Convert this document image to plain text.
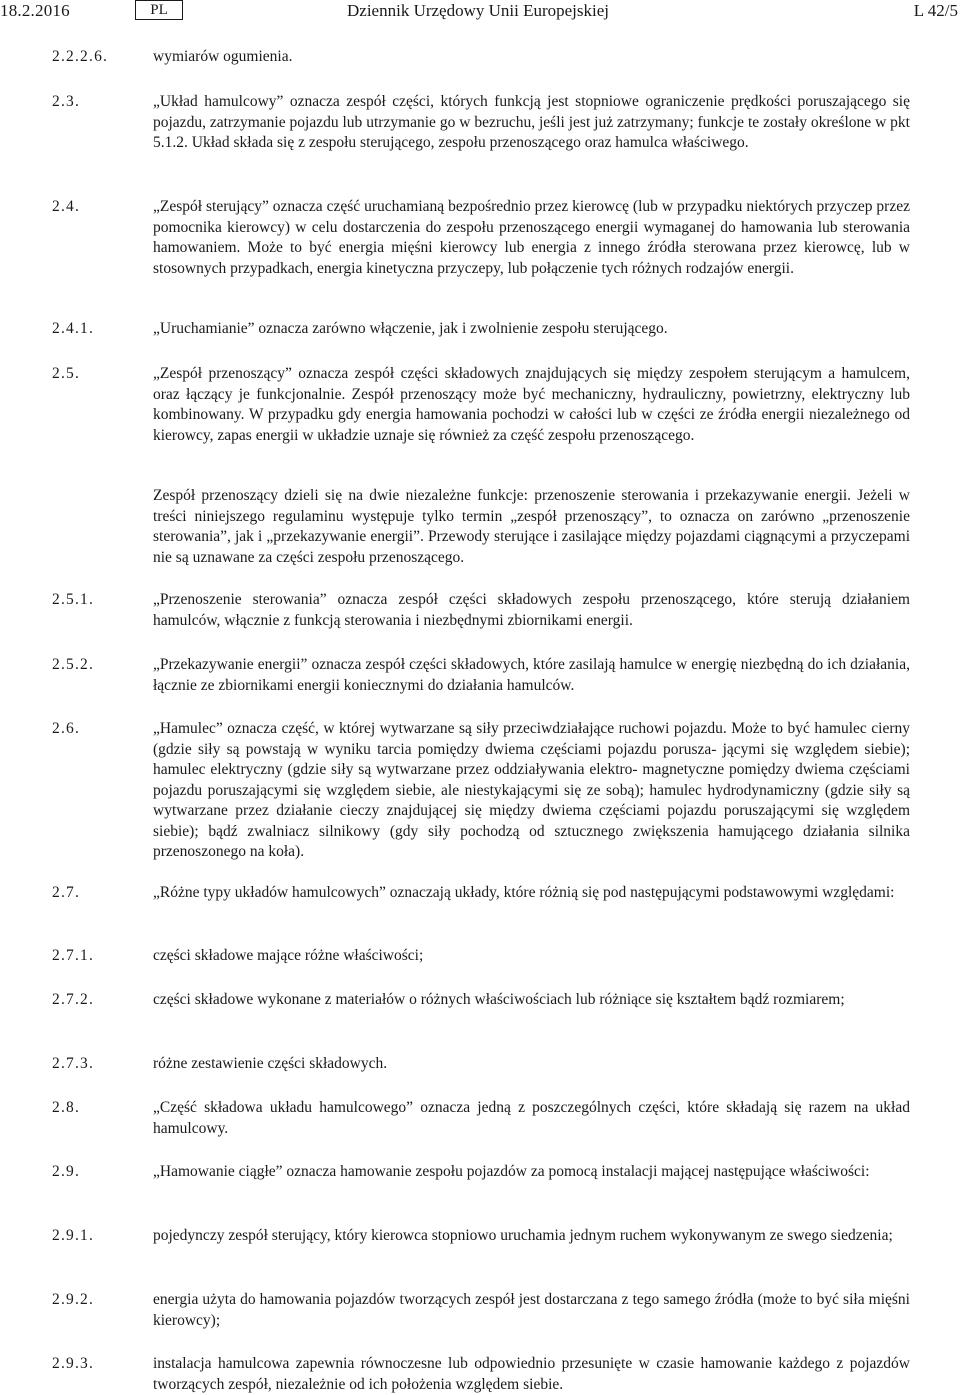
18.2.2016	PL	Dziennik Urzędowy Unii Europejskiej	L 42/5
2.2.2.6.	wymiarów ogumienia.
2.3.	„Układ hamulcowy” oznacza zespół części, których funkcją jest stopniowe ograniczenie prędkości poruszającego się pojazdu, zatrzymanie pojazdu lub utrzymanie go w bezruchu, jeśli jest już zatrzymany; funkcje te zostały określone w pkt 5.1.2. Układ składa się z zespołu sterującego, zespołu przenoszącego oraz hamulca właściwego.
2.4.	„Zespół sterujący” oznacza część uruchamianą bezpośrednio przez kierowcę (lub w przypadku niektórych przyczep przez pomocnika kierowcy) w celu dostarczenia do zespołu przenoszącego energii wymaganej do hamowania lub sterowania hamowaniem. Może to być energia mięśni kierowcy lub energia z innego źródła sterowana przez kierowcę, lub w stosownych przypadkach, energia kinetyczna przyczepy, lub połączenie tych różnych rodzajów energii.
2.4.1.	„Uruchamianie” oznacza zarówno włączenie, jak i zwolnienie zespołu sterującego.
2.5.	„Zespół przenoszący” oznacza zespół części składowych znajdujących się między zespołem sterującym a hamulcem, oraz łączący je funkcjonalnie. Zespół przenoszący może być mechaniczny, hydrauliczny, powietrzny, elektryczny lub kombinowany. W przypadku gdy energia hamowania pochodzi w całości lub w części ze źródła energii niezależnego od kierowcy, zapas energii w układzie uznaje się również za część zespołu przenoszącego.
Zespół przenoszący dzieli się na dwie niezależne funkcje: przenoszenie sterowania i przekazywanie energii. Jeżeli w treści niniejszego regulaminu występuje tylko termin „zespół przenoszący”, to oznacza on zarówno „przenoszenie sterowania”, jak i „przekazywanie energii”. Przewody sterujące i zasilające między pojazdami ciągnącymi a przyczepami nie są uznawane za części zespołu przenoszącego.
2.5.1.	„Przenoszenie sterowania” oznacza zespół części składowych zespołu przenoszącego, które sterują działaniem hamulców, włącznie z funkcją sterowania i niezbędnymi zbiornikami energii.
2.5.2.	„Przekazywanie energii” oznacza zespół części składowych, które zasilają hamulce w energię niezbędną do ich działania, łącznie ze zbiornikami energii koniecznymi do działania hamulców.
2.6.	„Hamulec” oznacza część, w której wytwarzane są siły przeciwdziałające ruchowi pojazdu. Może to być hamulec cierny (gdzie siły są powstają w wyniku tarcia pomiędzy dwiema częściami pojazdu porusza- jącymi się względem siebie); hamulec elektryczny (gdzie siły są wytwarzane przez oddziaływania elektro- magnetyczne pomiędzy dwiema częściami pojazdu poruszającymi się względem siebie, ale niestykającymi się ze sobą); hamulec hydrodynamiczny (gdzie siły są wytwarzane przez działanie cieczy znajdującej się między dwiema częściami pojazdu poruszającymi się względem siebie); bądź zwalniacz silnikowy (gdy siły pochodzą od sztucznego zwiększenia hamującego działania silnika przenoszonego na koła).
2.7.	„Różne typy układów hamulcowych” oznaczają układy, które różnią się pod następującymi podstawowymi względami:
2.7.1.	części składowe mające różne właściwości;
2.7.2.	części składowe wykonane z materiałów o różnych właściwościach lub różniące się kształtem bądź rozmiarem;
2.7.3.	różne zestawienie części składowych.
2.8.	„Część składowa układu hamulcowego” oznacza jedną z poszczególnych części, które składają się razem na układ hamulcowy.
2.9.	„Hamowanie ciągłe” oznacza hamowanie zespołu pojazdów za pomocą instalacji mającej następujące właściwości:
2.9.1.	pojedynczy zespół sterujący, który kierowca stopniowo uruchamia jednym ruchem wykonywanym ze swego siedzenia;
2.9.2.	energia użyta do hamowania pojazdów tworzących zespół jest dostarczana z tego samego źródła (może to być siła mięśni kierowcy);
2.9.3.	instalacja hamulcowa zapewnia równoczesne lub odpowiednio przesunięte w czasie hamowanie każdego z pojazdów tworzących zespół, niezależnie od ich położenia względem siebie.
